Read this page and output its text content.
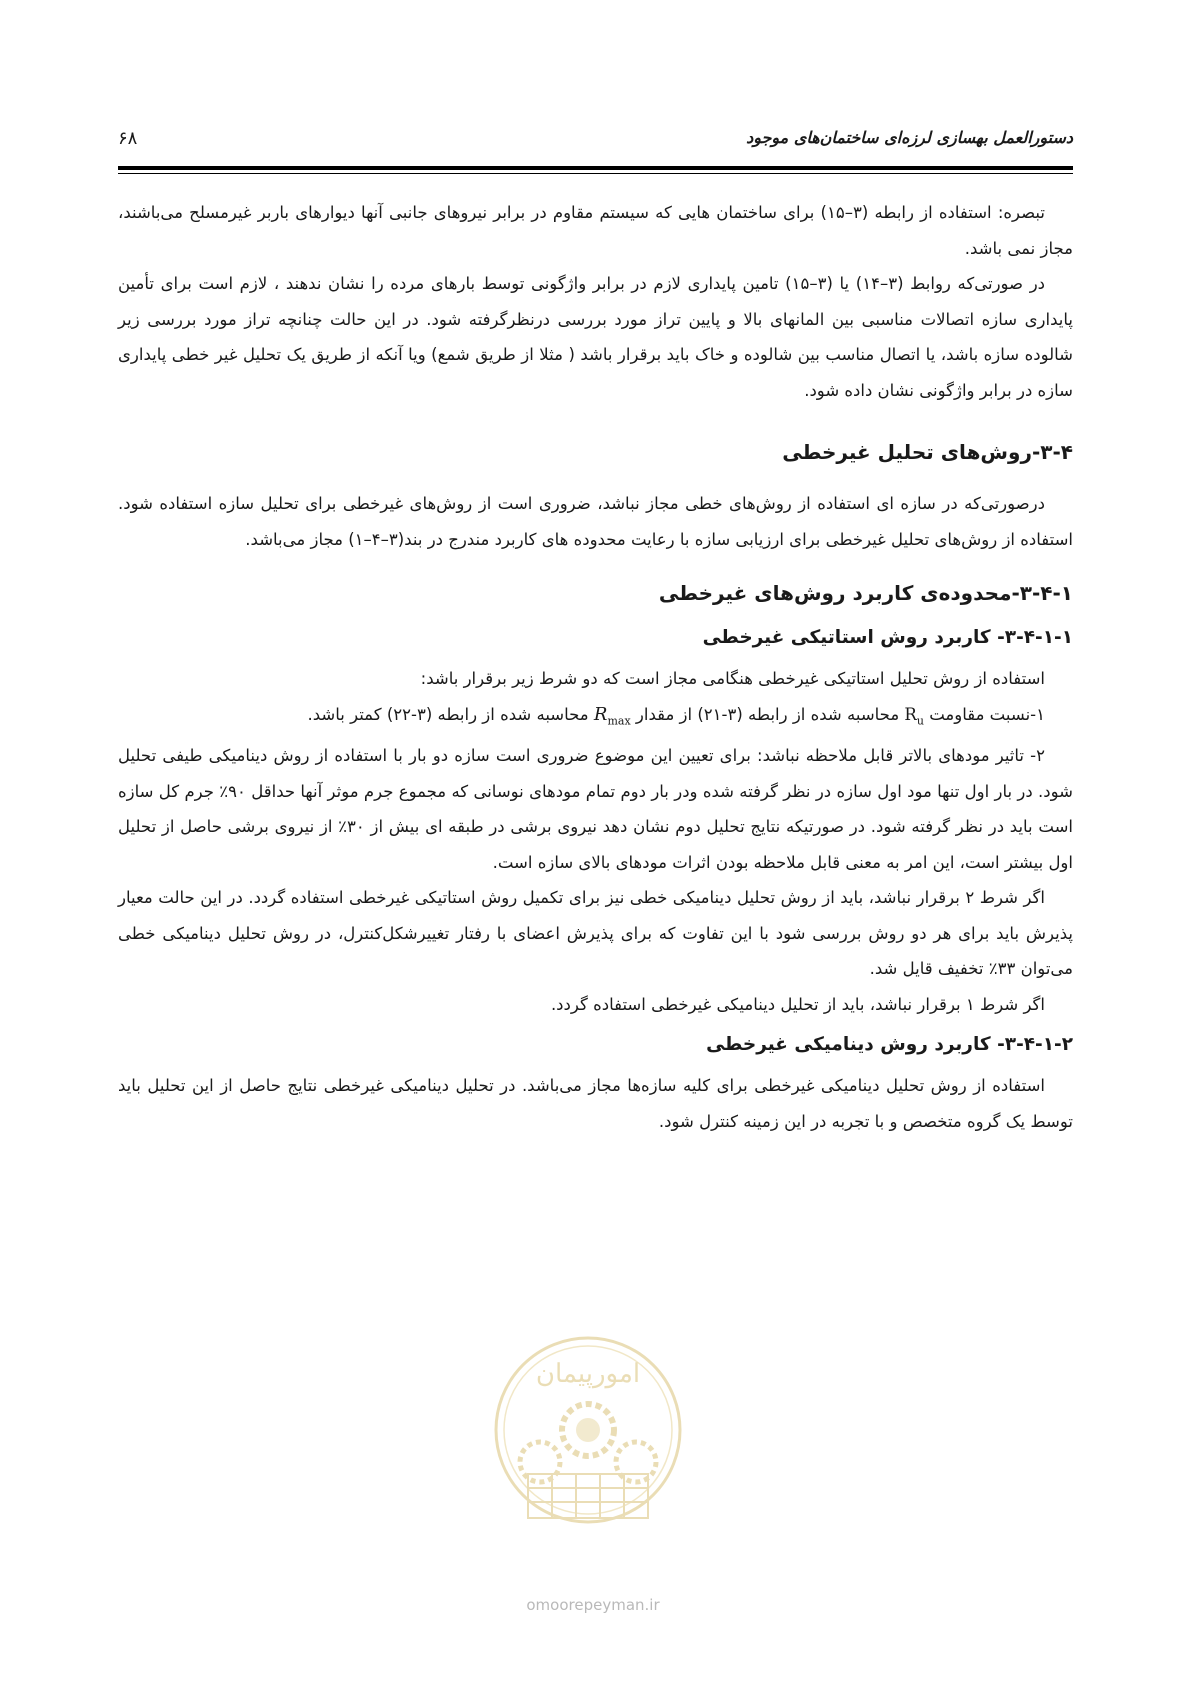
دستورالعمل بهسازی لرزه‌ای ساختمان‌های موجود
۶۸

تبصره: استفاده از رابطه (۳–۱۵) برای ساختمان هایی که سیستم مقاوم در برابر نیروهای جانبی آنها دیوارهای باربر غیرمسلح می‌باشند، مجاز نمی باشد.

در صورتی‌که روابط (۳–۱۴) یا (۳–۱۵) تامین پایداری لازم در برابر واژگونی توسط بارهای مرده را نشان ندهند ، لازم است برای تأمین پایداری سازه اتصالات مناسبی بین المانهای بالا و پایین تراز مورد بررسی درنظرگرفته شود. در این حالت چنانچه تراز مورد بررسی زیر شالوده سازه باشد، یا اتصال مناسب بین شالوده و خاک باید برقرار باشد ( مثلا از طریق شمع) ویا آنکه از طریق یک تحلیل غیر خطی پایداری سازه در برابر واژگونی نشان داده شود.

۳-۴-روش‌های تحلیل غیرخطی

درصورتی‌که در سازه ای استفاده از روش‌های خطی مجاز نباشد، ضروری است از روش‌های غیرخطی برای تحلیل سازه استفاده شود. استفاده از روش‌های تحلیل غیرخطی برای ارزیابی سازه با رعایت محدوده های کاربرد مندرج در بند(۳–۴–۱) مجاز می‌باشد.

۳-۴-۱-محدوده‌ی کاربرد روش‌های غیرخطی
۳-۴-۱-۱- کاربرد روش استاتیکی غیرخطی

استفاده از روش تحلیل استاتیکی غیرخطی هنگامی مجاز است که دو شرط زیر برقرار باشد:

۱-نسبت مقاومت $R_u$ محاسبه شده از رابطه (۳-۲۱) از مقدار $R_{max}$ محاسبه شده از رابطه (۳-۲۲) کمتر باشد.

۲- تاثیر مودهای بالاتر قابل ملاحظه نباشد: برای تعیین این موضوع ضروری است سازه دو بار با استفاده از روش دینامیکی طیفی تحلیل شود. در بار اول تنها مود اول سازه در نظر گرفته شده ودر بار دوم تمام مودهای نوسانی که مجموع جرم موثر آنها حداقل ۹۰٪ جرم کل سازه است باید در نظر گرفته شود. در صورتیکه نتایج تحلیل دوم نشان دهد نیروی برشی در طبقه ای بیش از ۳۰٪ از نیروی برشی حاصل از تحلیل اول بیشتر است، این امر به معنی قابل ملاحظه بودن اثرات مودهای بالای سازه است.

اگر شرط ۲ برقرار نباشد، باید از روش تحلیل دینامیکی خطی نیز برای تکمیل روش استاتیکی غیرخطی استفاده گردد. در این حالت معیار پذیرش باید برای هر دو روش بررسی شود با این تفاوت که برای پذیرش اعضای با رفتار تغییرشکل‌کنترل، در روش تحلیل دینامیکی خطی می‌توان ۳۳٪ تخفیف قایل شد.

اگر شرط ۱ برقرار نباشد، باید از تحلیل دینامیکی غیرخطی استفاده گردد.

۳-۴-۱-۲- کاربرد روش دینامیکی غیرخطی

استفاده از روش تحلیل دینامیکی غیرخطی برای کلیه سازه‌ها مجاز می‌باشد. در تحلیل دینامیکی غیرخطی نتایج حاصل از این تحلیل باید توسط یک گروه متخصص و با تجربه در این زمینه کنترل شود.

امورپیمان
omoorepeyman.ir
